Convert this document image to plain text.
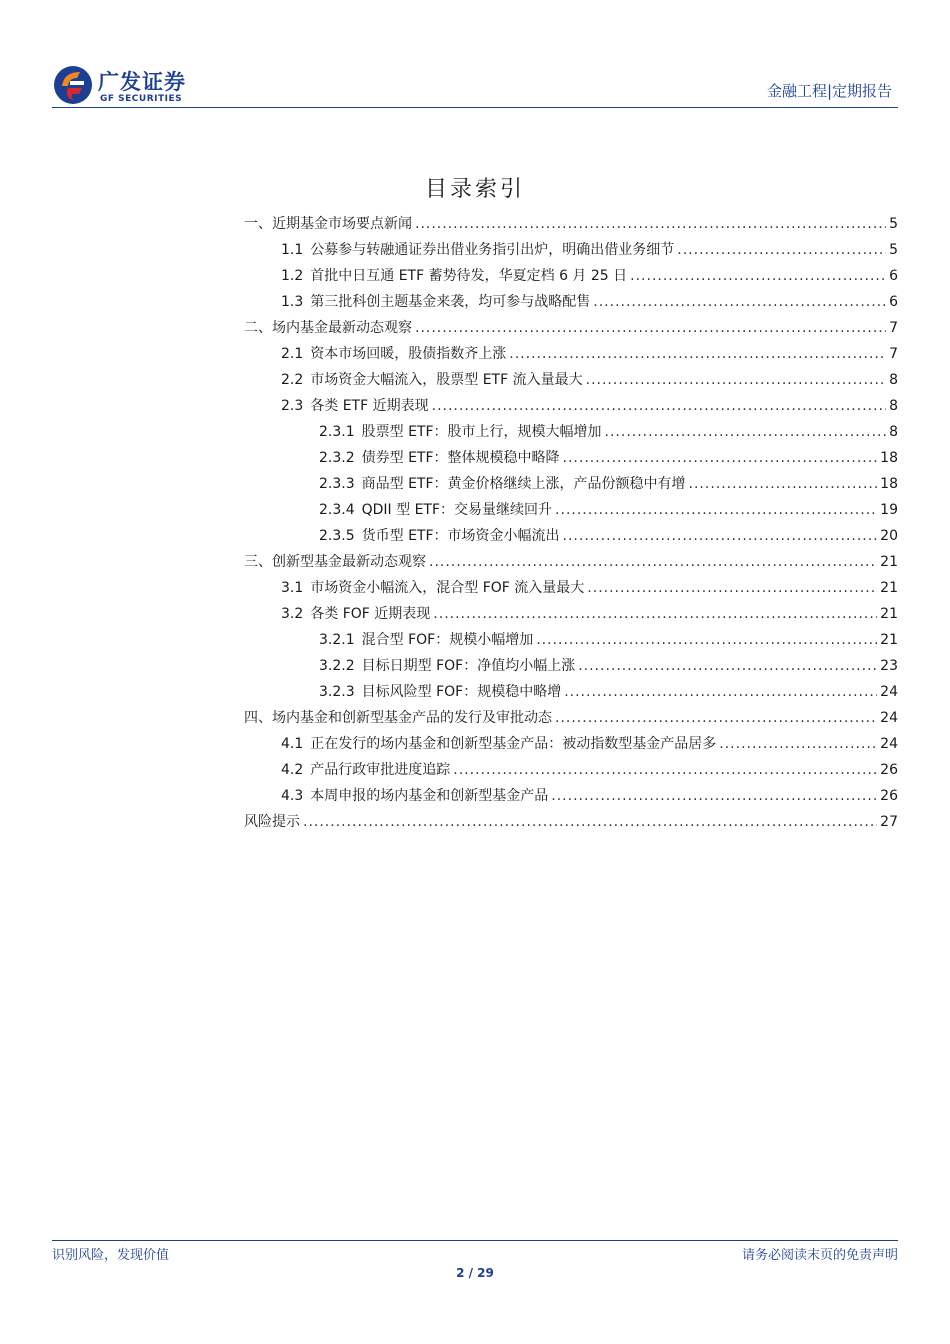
广发证券
GF SECURITIES	金融工程|定期报告
目录索引
一、近期基金市场要点新闻 .....	5
1.1 公募参与转融通证券出借业务指引出炉，明确出借业务细节 .....	5
1.2 首批中日互通 ETF 蓄势待发，华夏定档 6 月 25 日 .....	6
1.3 第三批科创主题基金来袭，均可参与战略配售 .....	6
二、场内基金最新动态观察 .....	7
2.1 资本市场回暖，股债指数齐上涨 .....	7
2.2 市场资金大幅流入，股票型 ETF 流入量最大 .....	8
2.3 各类 ETF 近期表现 .....	8
2.3.1 股票型 ETF：股市上行，规模大幅增加 .....	8
2.3.2 债券型 ETF：整体规模稳中略降 .....	18
2.3.3 商品型 ETF：黄金价格继续上涨，产品份额稳中有增 .....	18
2.3.4 QDII 型 ETF：交易量继续回升 .....	19
2.3.5 货币型 ETF：市场资金小幅流出 .....	20
三、创新型基金最新动态观察 .....	21
3.1 市场资金小幅流入，混合型 FOF 流入量最大 .....	21
3.2 各类 FOF 近期表现 .....	21
3.2.1 混合型 FOF：规模小幅增加 .....	21
3.2.2 目标日期型 FOF：净值均小幅上涨 .....	23
3.2.3 目标风险型 FOF：规模稳中略增 .....	24
四、场内基金和创新型基金产品的发行及审批动态 .....	24
4.1 正在发行的场内基金和创新型基金产品：被动指数型基金产品居多 .....	24
4.2 产品行政审批进度追踪 .....	26
4.3 本周申报的场内基金和创新型基金产品 .....	26
风险提示 .....	27
识别风险，发现价值	请务必阅读末页的免责声明
2 / 29
